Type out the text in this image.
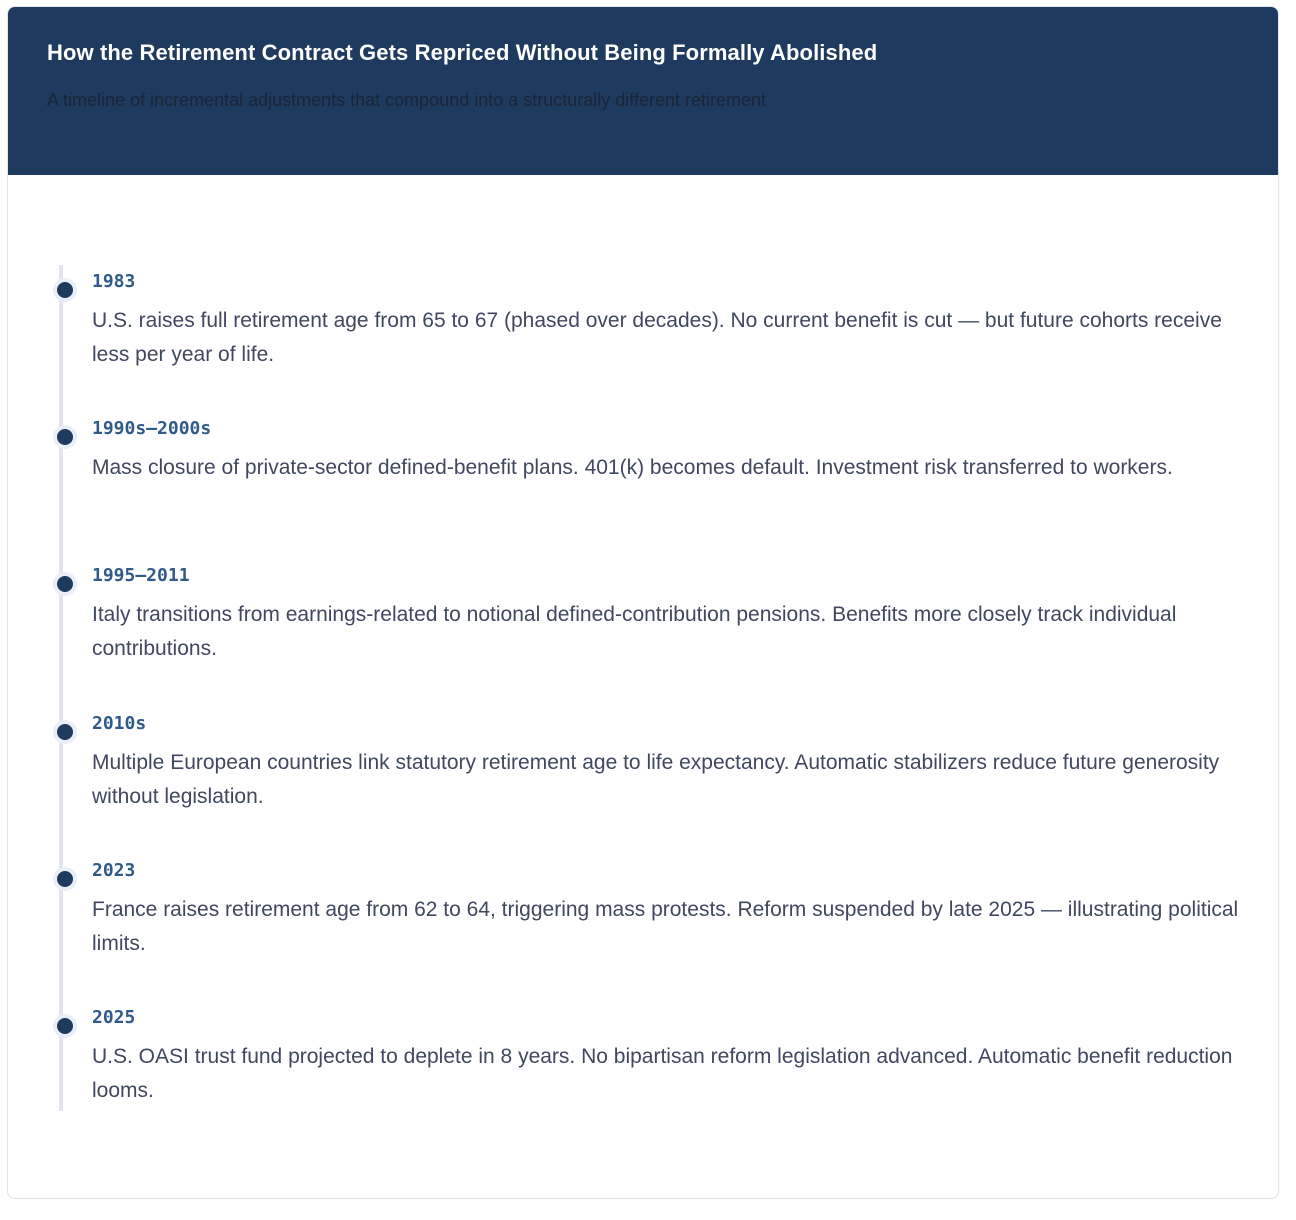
How the Retirement Contract Gets Repriced Without Being Formally Abolished

A timeline of incremental adjustments that compound into a structurally different retirement

1983

U.S. raises full retirement age from 65 to 67 (phased over decades). No current benefit is cut — but future cohorts receive less per year of life.

1990s–2000s

Mass closure of private-sector defined-benefit plans. 401(k) becomes default. Investment risk transferred to workers.

1995–2011

Italy transitions from earnings-related to notional defined-contribution pensions. Benefits more closely track individual contributions.

2010s

Multiple European countries link statutory retirement age to life expectancy. Automatic stabilizers reduce future generosity without legislation.

2023

France raises retirement age from 62 to 64, triggering mass protests. Reform suspended by late 2025 — illustrating political limits.

2025

U.S. OASI trust fund projected to deplete in 8 years. No bipartisan reform legislation advanced. Automatic benefit reduction looms.
